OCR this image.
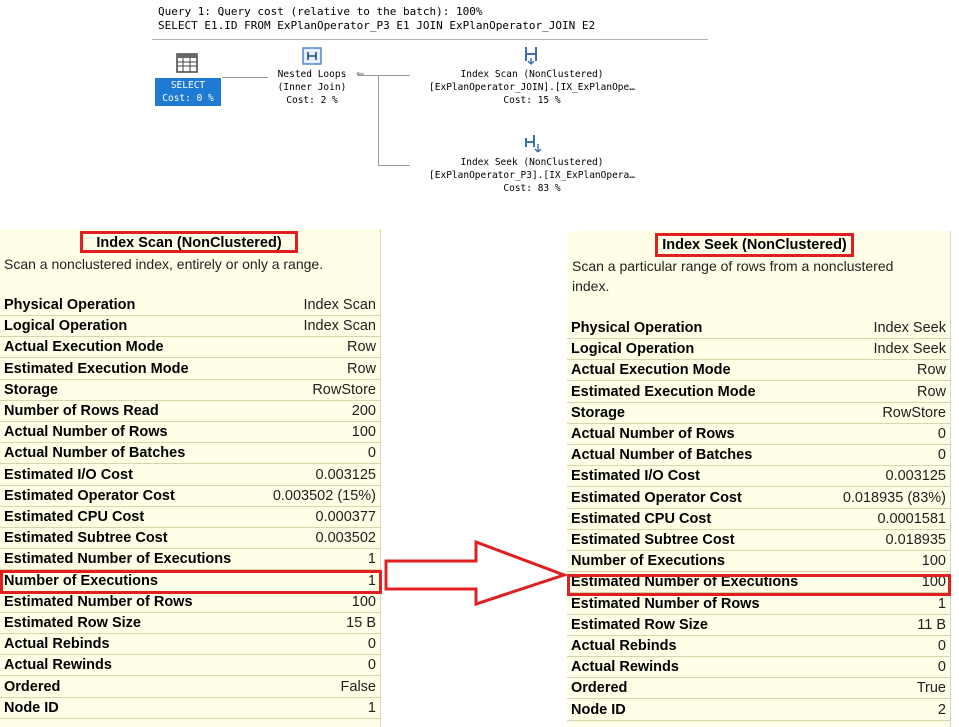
Query 1: Query cost (relative to the batch): 100%
SELECT E1.ID FROM ExPlanOperator_P3 E1 JOIN ExPlanOperator_JOIN E2
SELECT
Cost: 0 %
⇐
Nested Loops
(Inner Join)
Cost: 2 %
Index Scan (NonClustered)
[ExPlanOperator_JOIN].[IX_ExPlanOpe…
Cost: 15 %
Index Seek (NonClustered)
[ExPlanOperator_P3].[IX_ExPlanOpera…
Cost: 83 %
Index Scan (NonClustered)
Scan a nonclustered index, entirely or only a range.
Physical Operation	Index Scan
Logical Operation	Index Scan
Actual Execution Mode	Row
Estimated Execution Mode	Row
Storage	RowStore
Number of Rows Read	200
Actual Number of Rows	100
Actual Number of Batches	0
Estimated I/O Cost	0.003125
Estimated Operator Cost	0.003502 (15%)
Estimated CPU Cost	0.000377
Estimated Subtree Cost	0.003502
Estimated Number of Executions	1
Number of Executions	1
Estimated Number of Rows	100
Estimated Row Size	15 B
Actual Rebinds	0
Actual Rewinds	0
Ordered	False
Node ID	1
Index Seek (NonClustered)
Scan a particular range of rows from a nonclustered
index.
Physical Operation	Index Seek
Logical Operation	Index Seek
Actual Execution Mode	Row
Estimated Execution Mode	Row
Storage	RowStore
Actual Number of Rows	0
Actual Number of Batches	0
Estimated I/O Cost	0.003125
Estimated Operator Cost	0.018935 (83%)
Estimated CPU Cost	0.0001581
Estimated Subtree Cost	0.018935
Number of Executions	100
Estimated Number of Executions	100
Estimated Number of Rows	1
Estimated Row Size	11 B
Actual Rebinds	0
Actual Rewinds	0
Ordered	True
Node ID	2
